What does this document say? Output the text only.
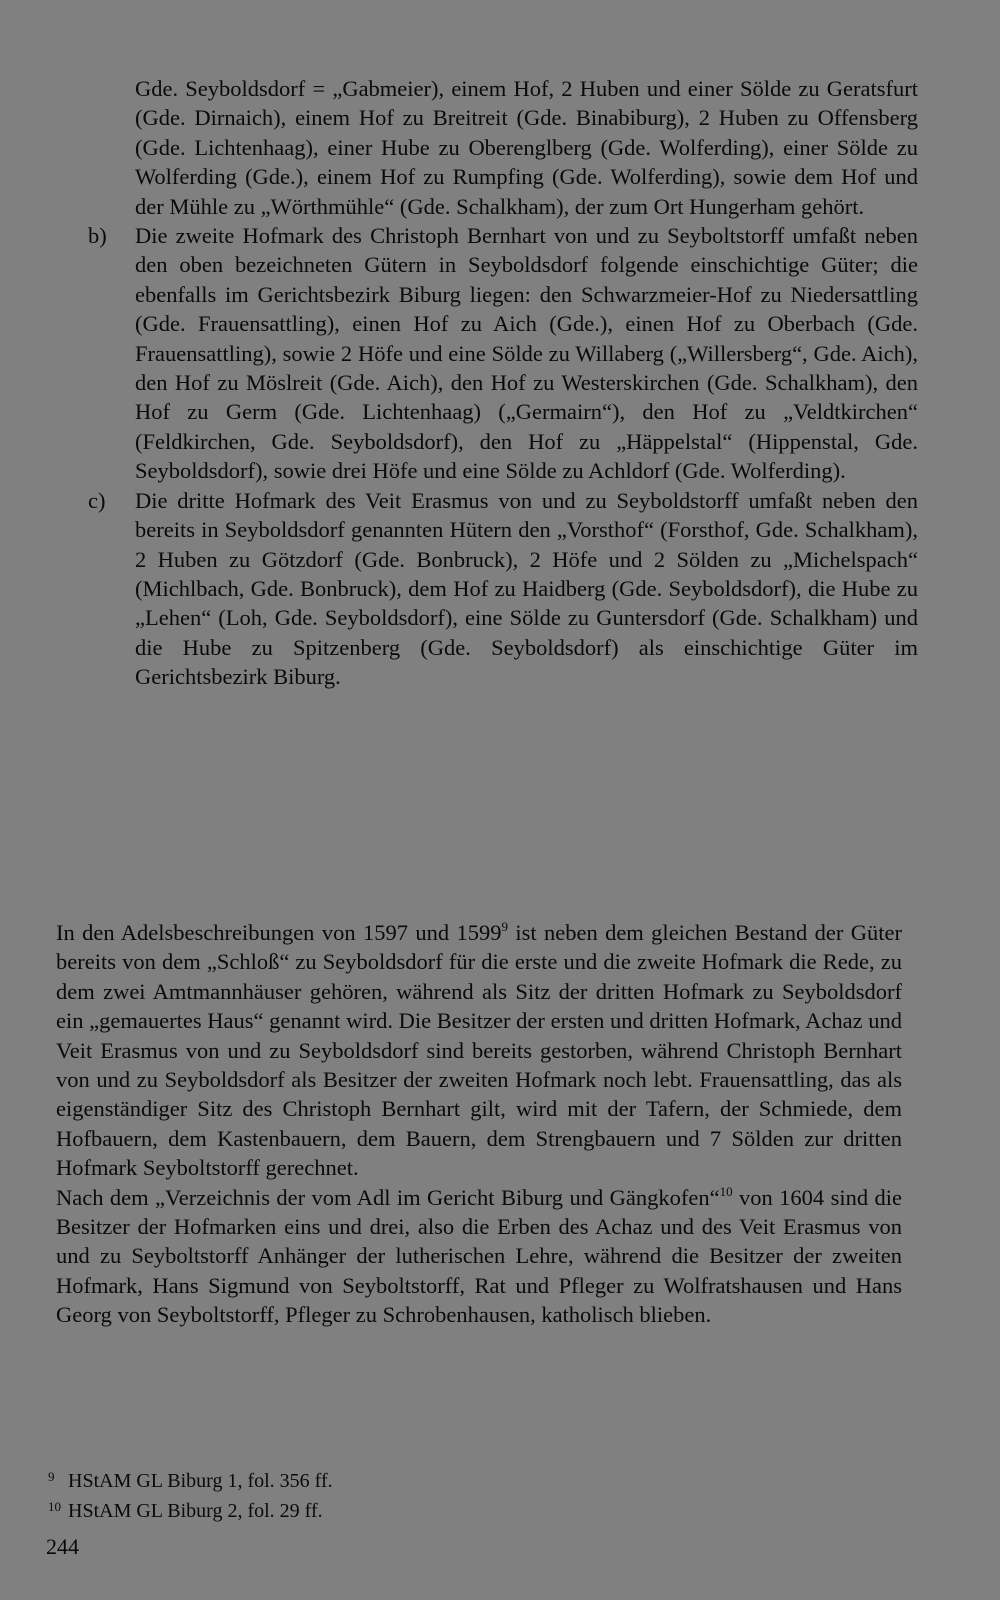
Gde. Seyboldsdorf = „Gabmeier), einem Hof, 2 Huben und einer Sölde zu Geratsfurt (Gde. Dirnaich), einem Hof zu Breitreit (Gde. Binabiburg), 2 Huben zu Offensberg (Gde. Lichtenhaag), einer Hube zu Oberenglberg (Gde. Wolferding), einer Sölde zu Wolferding (Gde.), einem Hof zu Rumpfing (Gde. Wolferding), sowie dem Hof und der Mühle zu „Wörthmühle“ (Gde. Schalkham), der zum Ort Hungerham gehört.
b) Die zweite Hofmark des Christoph Bernhart von und zu Seyboltstorff umfaßt neben den oben bezeichneten Gütern in Seyboldsdorf folgende einschichtige Güter; die ebenfalls im Gerichtsbezirk Biburg liegen: den Schwarzmeier-Hof zu Niedersattling (Gde. Frauensattling), einen Hof zu Aich (Gde.), einen Hof zu Oberbach (Gde. Frauensattling), sowie 2 Höfe und eine Sölde zu Willaberg („Willersberg“, Gde. Aich), den Hof zu Möslreit (Gde. Aich), den Hof zu Westerskirchen (Gde. Schalkham), den Hof zu Germ (Gde. Lichtenhaag) („Germairn“), den Hof zu „Veldtkirchen“ (Feldkirchen, Gde. Seyboldsdorf), den Hof zu „Häppelstal“ (Hippenstal, Gde. Seyboldsdorf), sowie drei Höfe und eine Sölde zu Achldorf (Gde. Wolferding).
c) Die dritte Hofmark des Veit Erasmus von und zu Seyboldstorff umfaßt neben den bereits in Seyboldsdorf genannten Hütern den „Vorsthof“ (Forsthof, Gde. Schalkham), 2 Huben zu Götzdorf (Gde. Bonbruck), 2 Höfe und 2 Sölden zu „Michelspach“ (Michlbach, Gde. Bonbruck), dem Hof zu Haidberg (Gde. Seyboldsdorf), die Hube zu „Lehen“ (Loh, Gde. Seyboldsdorf), eine Sölde zu Guntersdorf (Gde. Schalkham) und die Hube zu Spitzenberg (Gde. Seyboldsdorf) als einschichtige Güter im Gerichtsbezirk Biburg.

In den Adelsbeschreibungen von 1597 und 1599$^9$ ist neben dem gleichen Bestand der Güter bereits von dem „Schloß“ zu Seyboldsdorf für die erste und die zweite Hofmark die Rede, zu dem zwei Amtmannhäuser gehören, während als Sitz der dritten Hofmark zu Seyboldsdorf ein „gemauertes Haus“ genannt wird. Die Besitzer der ersten und dritten Hofmark, Achaz und Veit Erasmus von und zu Seyboldsdorf sind bereits gestorben, während Christoph Bernhart von und zu Seyboldsdorf als Besitzer der zweiten Hofmark noch lebt. Frauensattling, das als eigenständiger Sitz des Christoph Bernhart gilt, wird mit der Tafern, der Schmiede, dem Hofbauern, dem Kastenbauern, dem Bauern, dem Strengbauern und 7 Sölden zur dritten Hofmark Seyboltstorff gerechnet.

Nach dem „Verzeichnis der vom Adl im Gericht Biburg und Gängkofen“$^{10}$ von 1604 sind die Besitzer der Hofmarken eins und drei, also die Erben des Achaz und des Veit Erasmus von und zu Seyboltstorff Anhänger der lutherischen Lehre, während die Besitzer der zweiten Hofmark, Hans Sigmund von Seyboltstorff, Rat und Pfleger zu Wolfratshausen und Hans Georg von Seyboltstorff, Pfleger zu Schrobenhausen, katholisch blieben.

9 HStAM GL Biburg 1, fol. 356 ff.
10 HStAM GL Biburg 2, fol. 29 ff.
244
